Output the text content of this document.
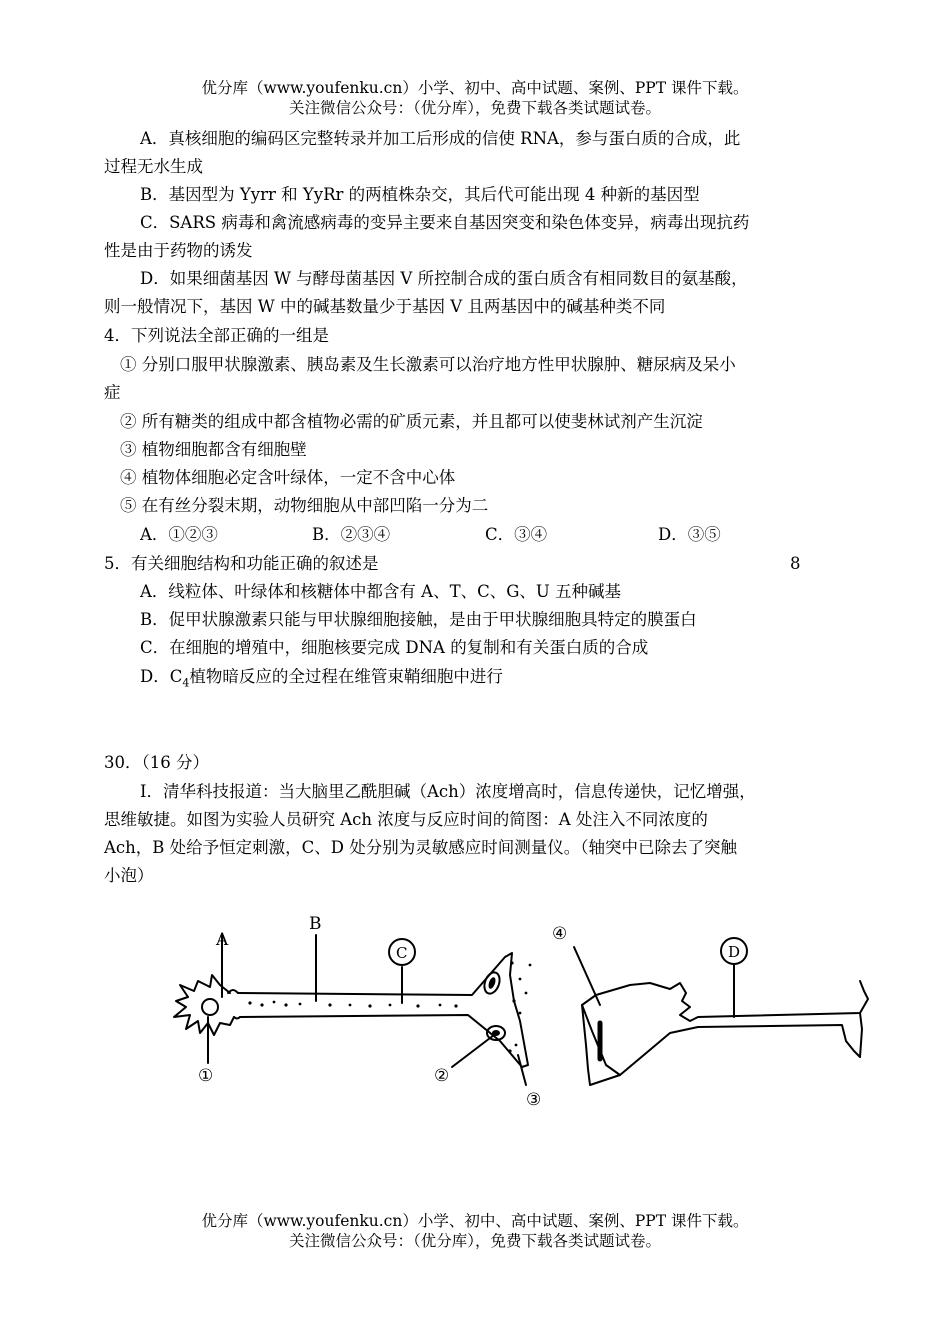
优分库（www.youfenku.cn）小学、初中、高中试题、案例、PPT 课件下载。
关注微信公众号：（优分库），免费下载各类试题试卷。
A．真核细胞的编码区完整转录并加工后形成的信使 RNA，参与蛋白质的合成，此
过程无水生成
B．基因型为 Yyrr 和 YyRr 的两植株杂交，其后代可能出现 4 种新的基因型
C．SARS 病毒和禽流感病毒的变异主要来自基因突变和染色体变异，病毒出现抗药
性是由于药物的诱发
D．如果细菌基因 W 与酵母菌基因 V 所控制合成的蛋白质含有相同数目的氨基酸，
则一般情况下，基因 W 中的碱基数量少于基因 V 且两基因中的碱基种类不同
4．下列说法全部正确的一组是
① 分别口服甲状腺激素、胰岛素及生长激素可以治疗地方性甲状腺肿、糖尿病及呆小
症
② 所有糖类的组成中都含植物必需的矿质元素，并且都可以使斐林试剂产生沉淀
③ 植物细胞都含有细胞壁
④ 植物体细胞必定含叶绿体，一定不含中心体
⑤ 在有丝分裂末期，动物细胞从中部凹陷一分为二
A．①②③	B．②③④	C．③④	D．③⑤
5．有关细胞结构和功能正确的叙述是	8
A．线粒体、叶绿体和核糖体中都含有 A、T、C、G、U 五种碱基
B．促甲状腺激素只能与甲状腺细胞接触，是由于甲状腺细胞具特定的膜蛋白
C．在细胞的增殖中，细胞核要完成 DNA 的复制和有关蛋白质的合成
D．$C_4$植物暗反应的全过程在维管束鞘细胞中进行
30．（16 分）
I．清华科技报道：当大脑里乙酰胆碱（Ach）浓度增高时，信息传递快，记忆增强，
思维敏捷。如图为实验人员研究 Ach 浓度与反应时间的简图：A 处注入不同浓度的
Ach，B 处给予恒定刺激，C、D 处分别为灵敏感应时间测量仪。（轴突中已除去了突触
小泡）
A
B
C	D
①	②
③
④
优分库（www.youfenku.cn）小学、初中、高中试题、案例、PPT 课件下载。
关注微信公众号：（优分库），免费下载各类试题试卷。
